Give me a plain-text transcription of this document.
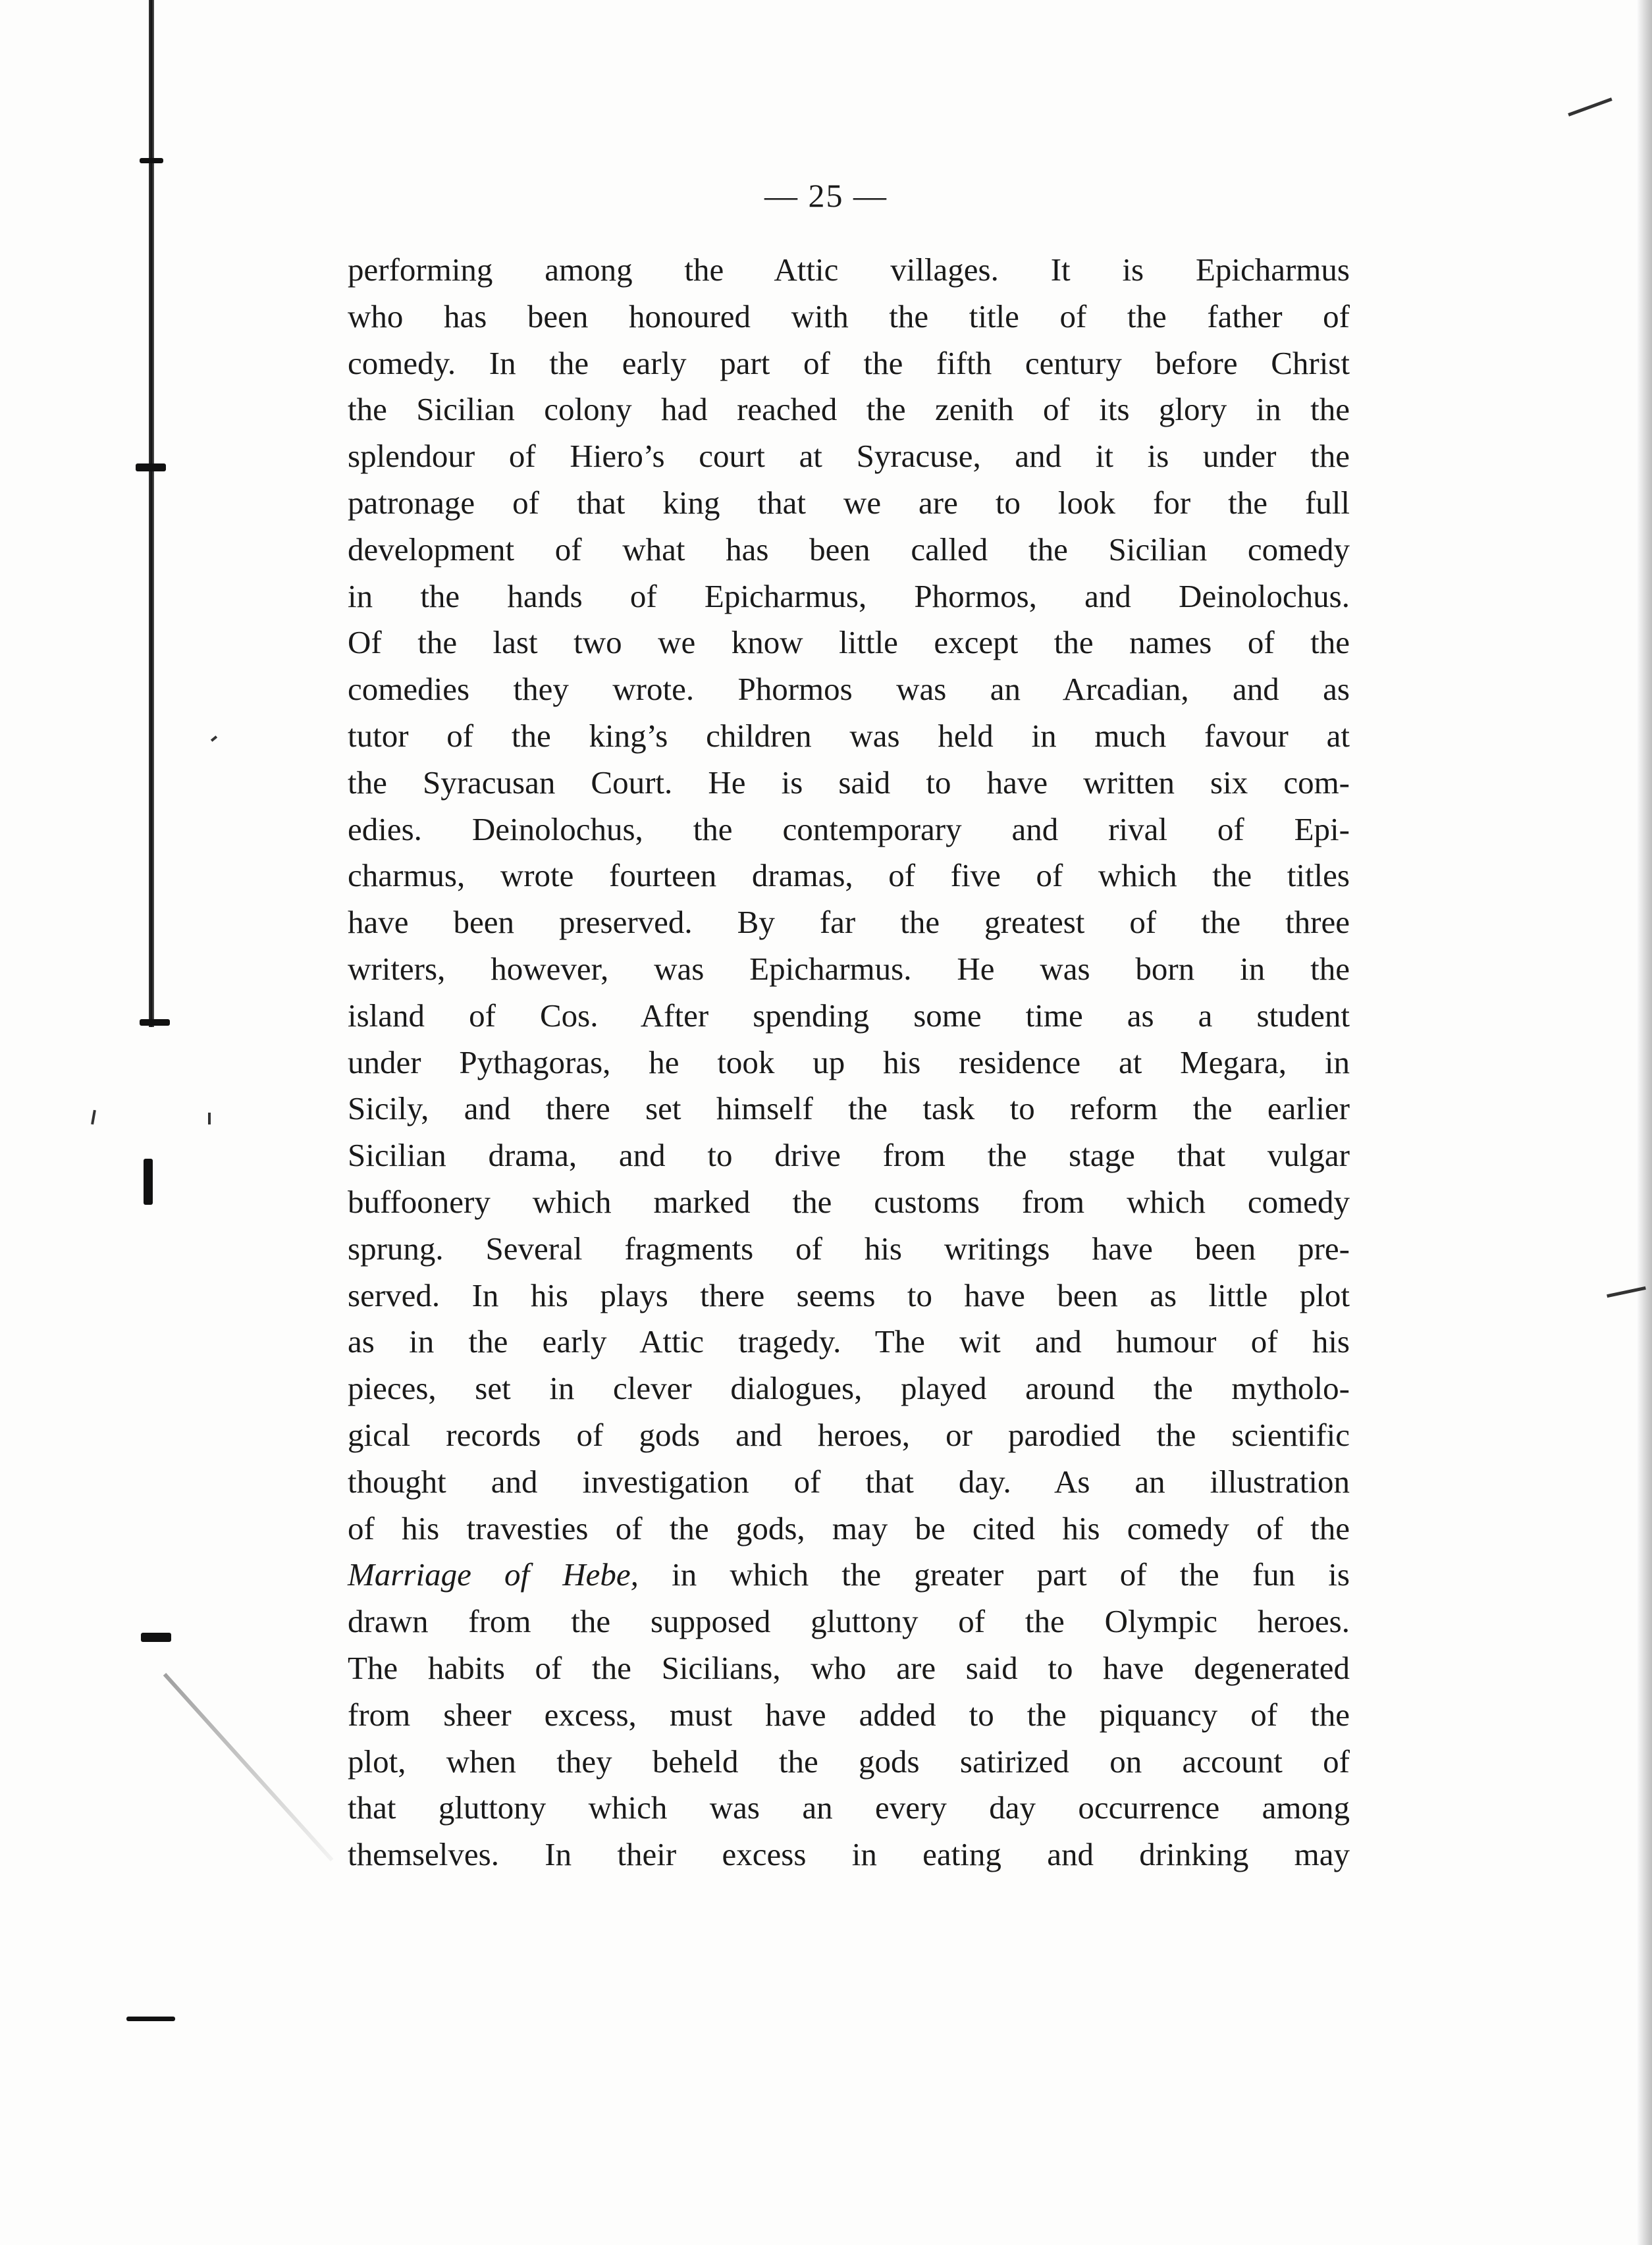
— 25 —
performing among the Attic villages. It is Epicharmus
who has been honoured with the title of the father of
comedy. In the early part of the fifth century before Christ
the Sicilian colony had reached the zenith of its glory in the
splendour of Hiero’s court at Syracuse, and it is under the
patronage of that king that we are to look for the full
development of what has been called the Sicilian comedy
in the hands of Epicharmus, Phormos, and Deinolochus.
Of the last two we know little except the names of the
comedies they wrote. Phormos was an Arcadian, and as
tutor of the king’s children was held in much favour at
the Syracusan Court. He is said to have written six com-
edies. Deinolochus, the contemporary and rival of Epi-
charmus, wrote fourteen dramas, of five of which the titles
have been preserved. By far the greatest of the three
writers, however, was Epicharmus. He was born in the
island of Cos. After spending some time as a student
under Pythagoras, he took up his residence at Megara, in
Sicily, and there set himself the task to reform the earlier
Sicilian drama, and to drive from the stage that vulgar
buffoonery which marked the customs from which comedy
sprung. Several fragments of his writings have been pre-
served. In his plays there seems to have been as little plot
as in the early Attic tragedy. The wit and humour of his
pieces, set in clever dialogues, played around the mytholo-
gical records of gods and heroes, or parodied the scientific
thought and investigation of that day. As an illustration
of his travesties of the gods, may be cited his comedy of the
Marriage of Hebe, in which the greater part of the fun is
drawn from the supposed gluttony of the Olympic heroes.
The habits of the Sicilians, who are said to have degenerated
from sheer excess, must have added to the piquancy of the
plot, when they beheld the gods satirized on account of
that gluttony which was an every day occurrence among
themselves. In their excess in eating and drinking may
